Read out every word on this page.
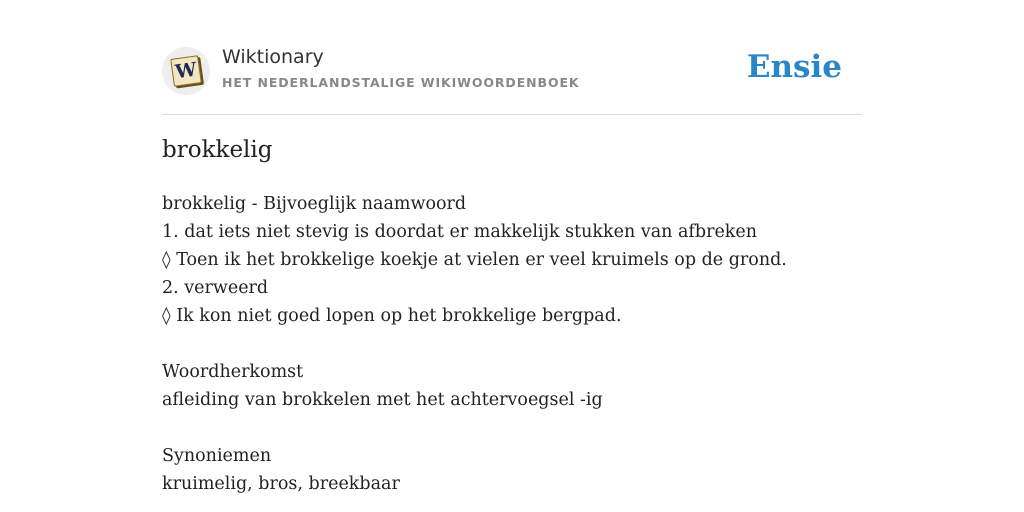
W
Wiktionary
HET NEDERLANDSTALIGE WIKIWOORDENBOEK	Ensie
brokkelig
brokkelig - Bijvoeglijk naamwoord
1. dat iets niet stevig is doordat er makkelijk stukken van afbreken
◊ Toen ik het brokkelige koekje at vielen er veel kruimels op de grond.
2. verweerd
◊ Ik kon niet goed lopen op het brokkelige bergpad.
Woordherkomst
afleiding van brokkelen met het achtervoegsel -ig
Synoniemen
kruimelig, bros, breekbaar
